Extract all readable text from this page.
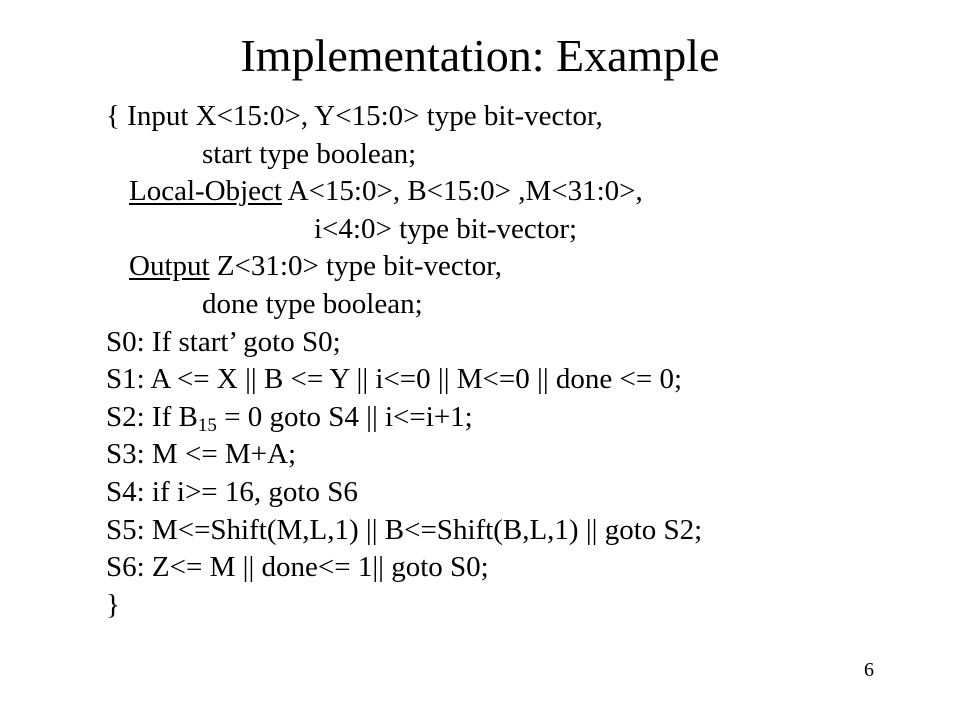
Implementation: Example
{ Input X<15:0>, Y<15:0> type bit-vector,
start type boolean;
Local-Object A<15:0>, B<15:0> ,M<31:0>,
i<4:0> type bit-vector;
Output Z<31:0> type bit-vector,
done type boolean;
S0: If start’ goto S0;
S1: A <= X || B <= Y || i<=0 || M<=0 || done <= 0;
S2: If $B_{15} = 0$ goto S4 || i<=i+1;
S3: M <= M+A;
S4: if i>= 16, goto S6
S5: M<=Shift(M,L,1) || B<=Shift(B,L,1) || goto S2;
S6: Z<= M || done<= 1|| goto S0;
}
6
